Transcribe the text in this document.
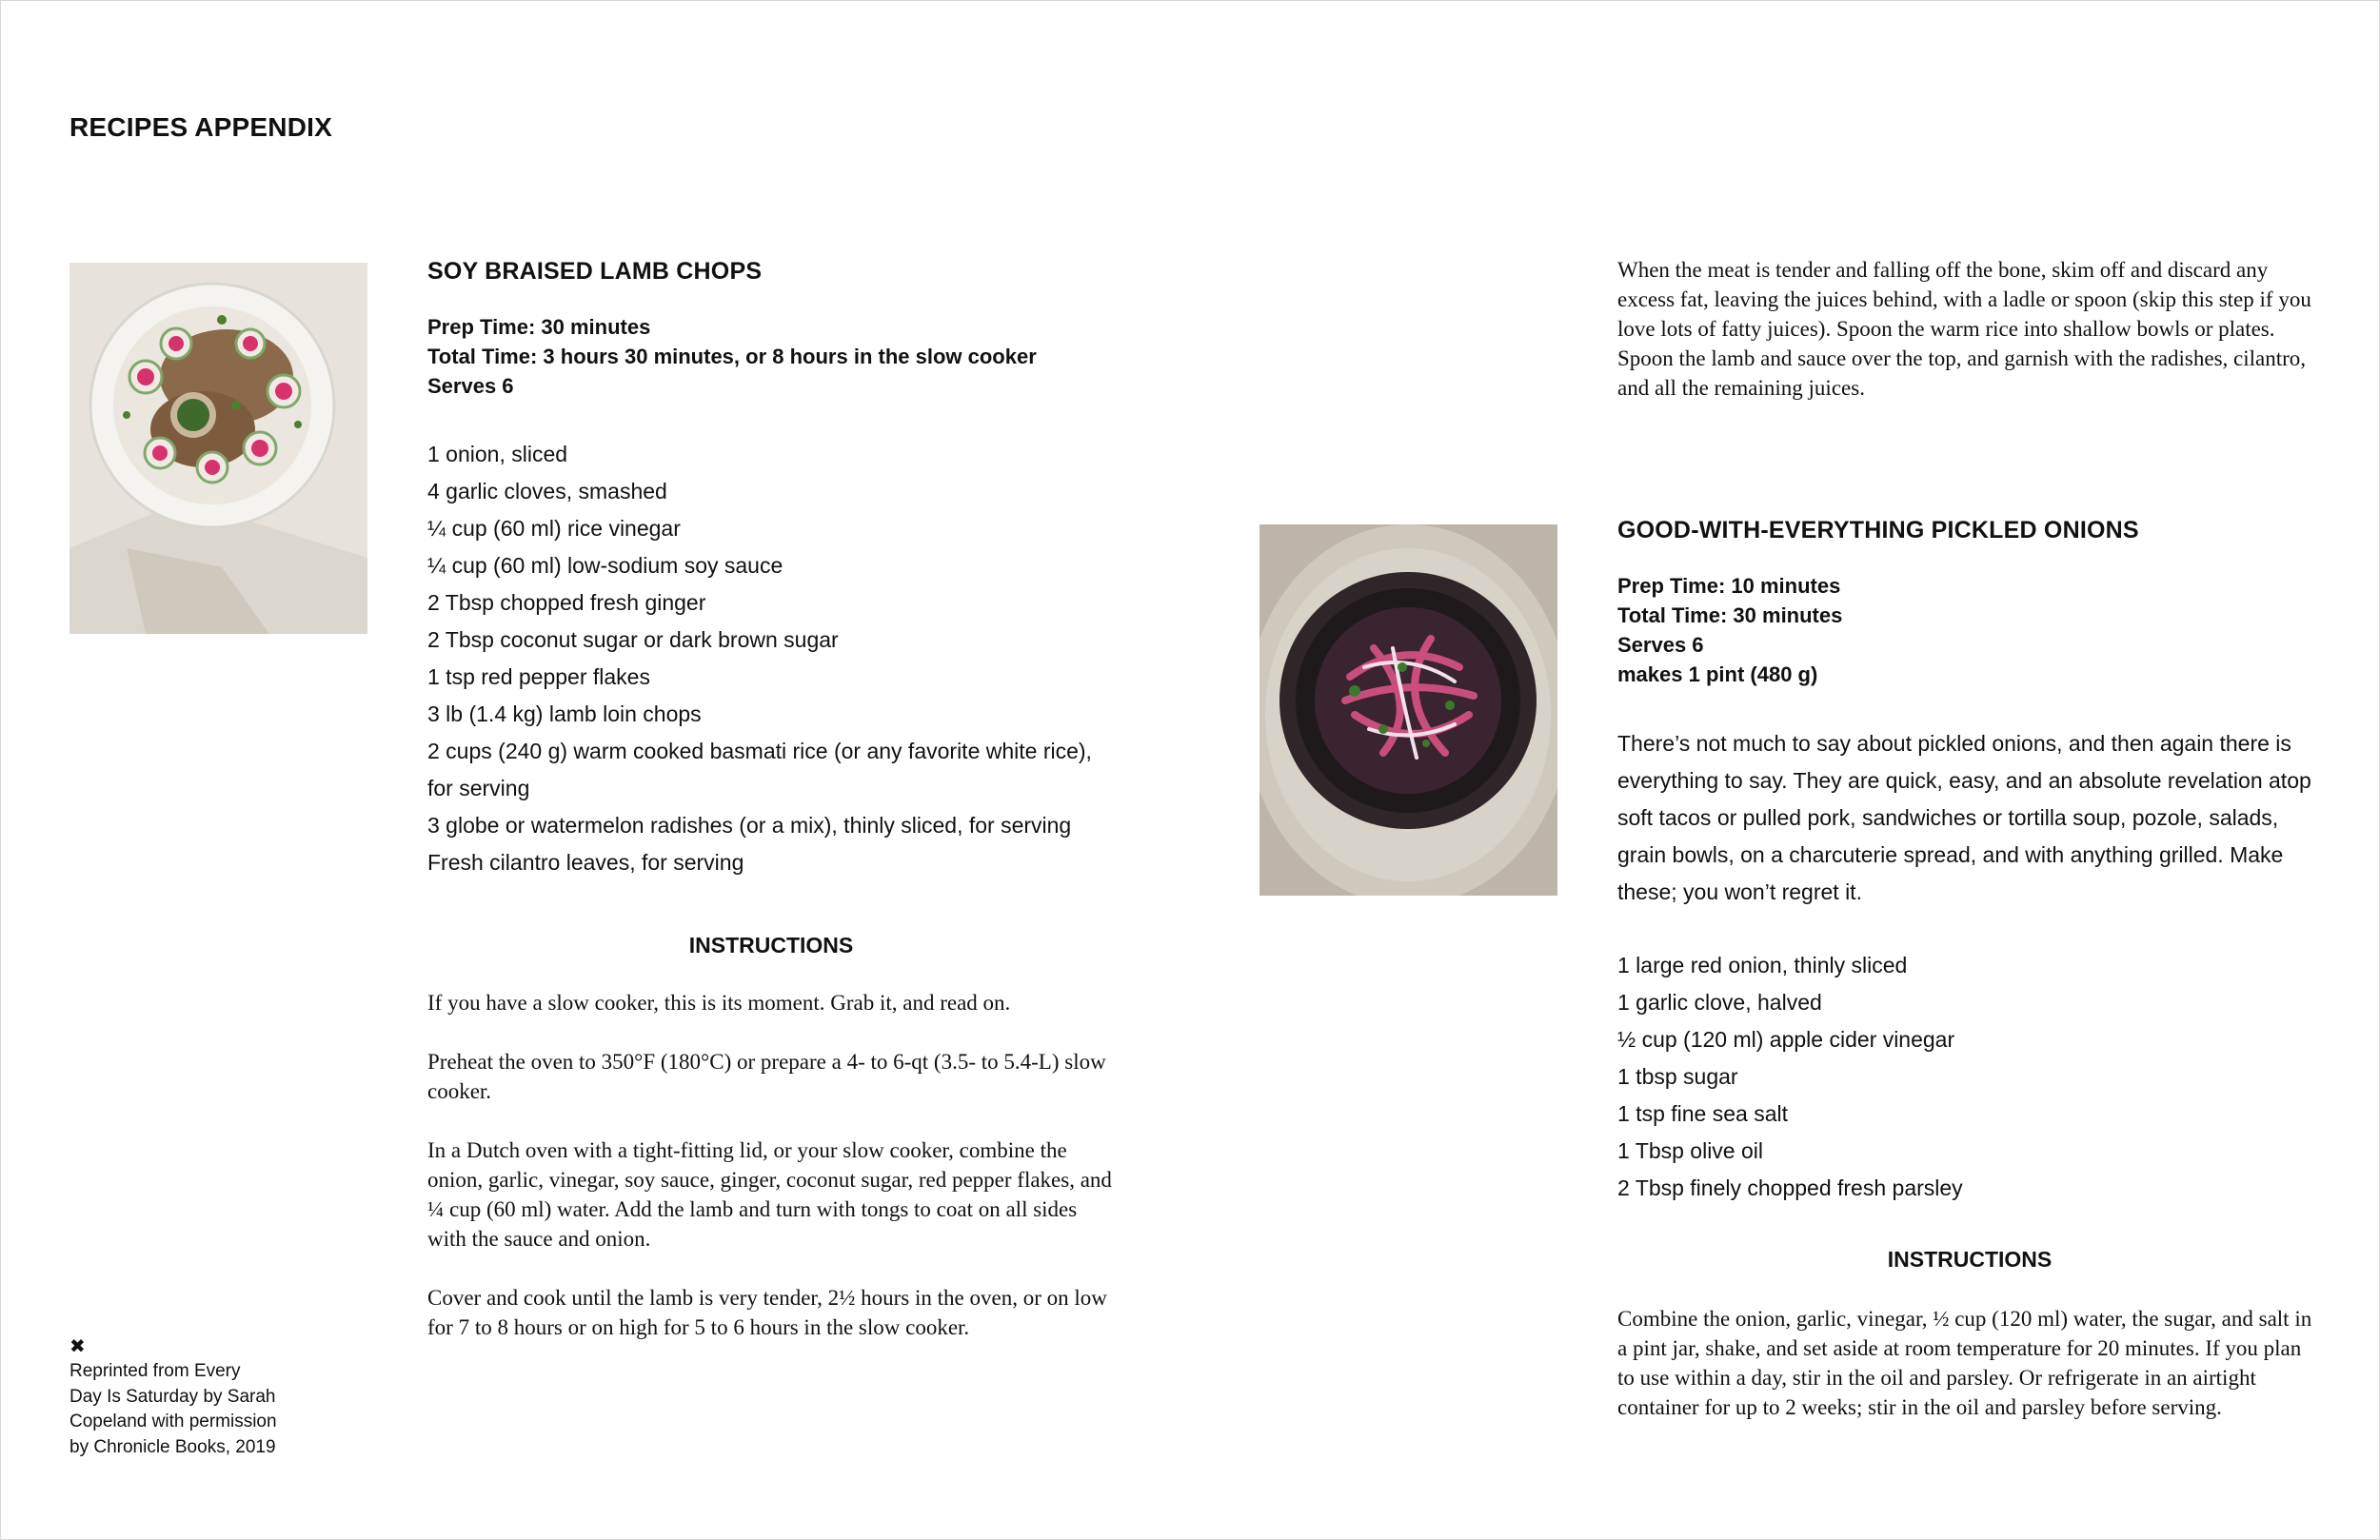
RECIPES APPENDIX
SOY BRAISED LAMB CHOPS
Prep Time: 30 minutes
Total Time: 3 hours 30 minutes, or 8 hours in the slow cooker
Serves 6
1 onion, sliced
4 garlic cloves, smashed
¼ cup (60 ml) rice vinegar
¼ cup (60 ml) low-sodium soy sauce
2 Tbsp chopped fresh ginger
2 Tbsp coconut sugar or dark brown sugar
1 tsp red pepper flakes
3 lb (1.4 kg) lamb loin chops
2 cups (240 g) warm cooked basmati rice (or any favorite white rice), for serving
3 globe or watermelon radishes (or a mix), thinly sliced, for serving
Fresh cilantro leaves, for serving
INSTRUCTIONS

If you have a slow cooker, this is its moment. Grab it, and read on.

Preheat the oven to 350°F (180°C) or prepare a 4- to 6-qt (3.5- to 5.4-L) slow cooker.

In a Dutch oven with a tight-fitting lid, or your slow cooker, combine the onion, garlic, vinegar, soy sauce, ginger, coconut sugar, red pepper flakes, and ¼ cup (60 ml) water. Add the lamb and turn with tongs to coat on all sides with the sauce and onion.

Cover and cook until the lamb is very tender, 2½ hours in the oven, or on low for 7 to 8 hours or on high for 5 to 6 hours in the slow cooker.

When the meat is tender and falling off the bone, skim off and discard any excess fat, leaving the juices behind, with a ladle or spoon (skip this step if you love lots of fatty juices). Spoon the warm rice into shallow bowls or plates. Spoon the lamb and sauce over the top, and garnish with the radishes, cilantro, and all the remaining juices.

GOOD-WITH-EVERYTHING PICKLED ONIONS
Prep Time: 10 minutes
Total Time: 30 minutes
Serves 6
makes 1 pint (480 g)

There’s not much to say about pickled onions, and then again there is everything to say. They are quick, easy, and an absolute revelation atop soft tacos or pulled pork, sandwiches or tortilla soup, pozole, salads, grain bowls, on a charcuterie spread, and with anything grilled. Make these; you won’t regret it.

1 large red onion, thinly sliced
1 garlic clove, halved
½ cup (120 ml) apple cider vinegar
1 tbsp sugar
1 tsp fine sea salt
1 Tbsp olive oil
2 Tbsp finely chopped fresh parsley
INSTRUCTIONS

Combine the onion, garlic, vinegar, ½ cup (120 ml) water, the sugar, and salt in a pint jar, shake, and set aside at room temperature for 20 minutes. If you plan to use within a day, stir in the oil and parsley. Or refrigerate in an airtight container for up to 2 weeks; stir in the oil and parsley before serving.

✖
Reprinted from Every
Day Is Saturday by Sarah
Copeland with permission
by Chronicle Books, 2019
